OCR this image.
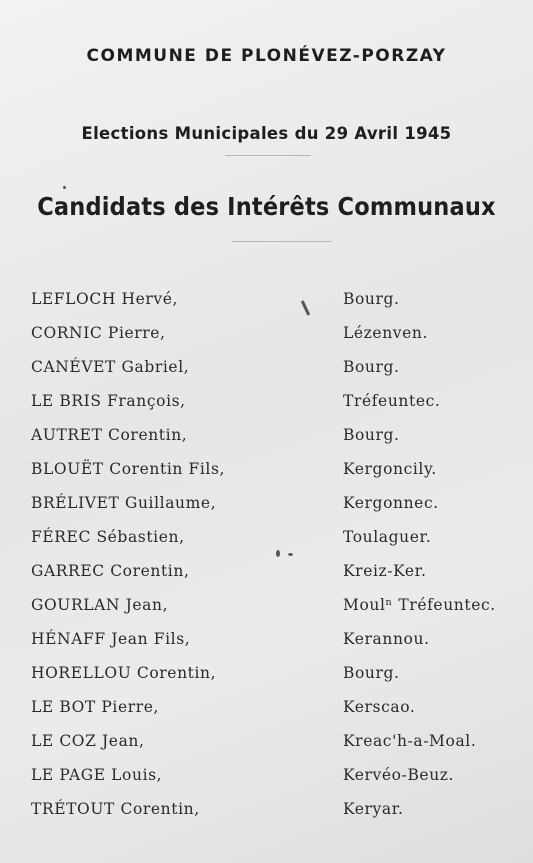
COMMUNE DE PLONÉVEZ-PORZAY
Elections Municipales du 29 Avril 1945
Candidats des Intérêts Communaux
LEFLOCH Hervé,	Bourg.
CORNIC Pierre,	Lézenven.
CANÉVET Gabriel,	Bourg.
LE BRIS François,	Tréfeuntec.
AUTRET Corentin,	Bourg.
BLOUËT Corentin Fils,	Kergoncily.
BRÉLIVET Guillaume,	Kergonnec.
FÉREC Sébastien,	Toulaguer.
GARREC Corentin,	Kreiz-Ker.
GOURLAN Jean,	Moulⁿ Tréfeuntec.
HÉNAFF Jean Fils,	Kerannou.
HORELLOU Corentin,	Bourg.
LE BOT Pierre,	Kerscao.
LE COZ Jean,	Kreac'h-a-Moal.
LE PAGE Louis,	Kervéo-Beuz.
TRÉTOUT Corentin,	Keryar.
